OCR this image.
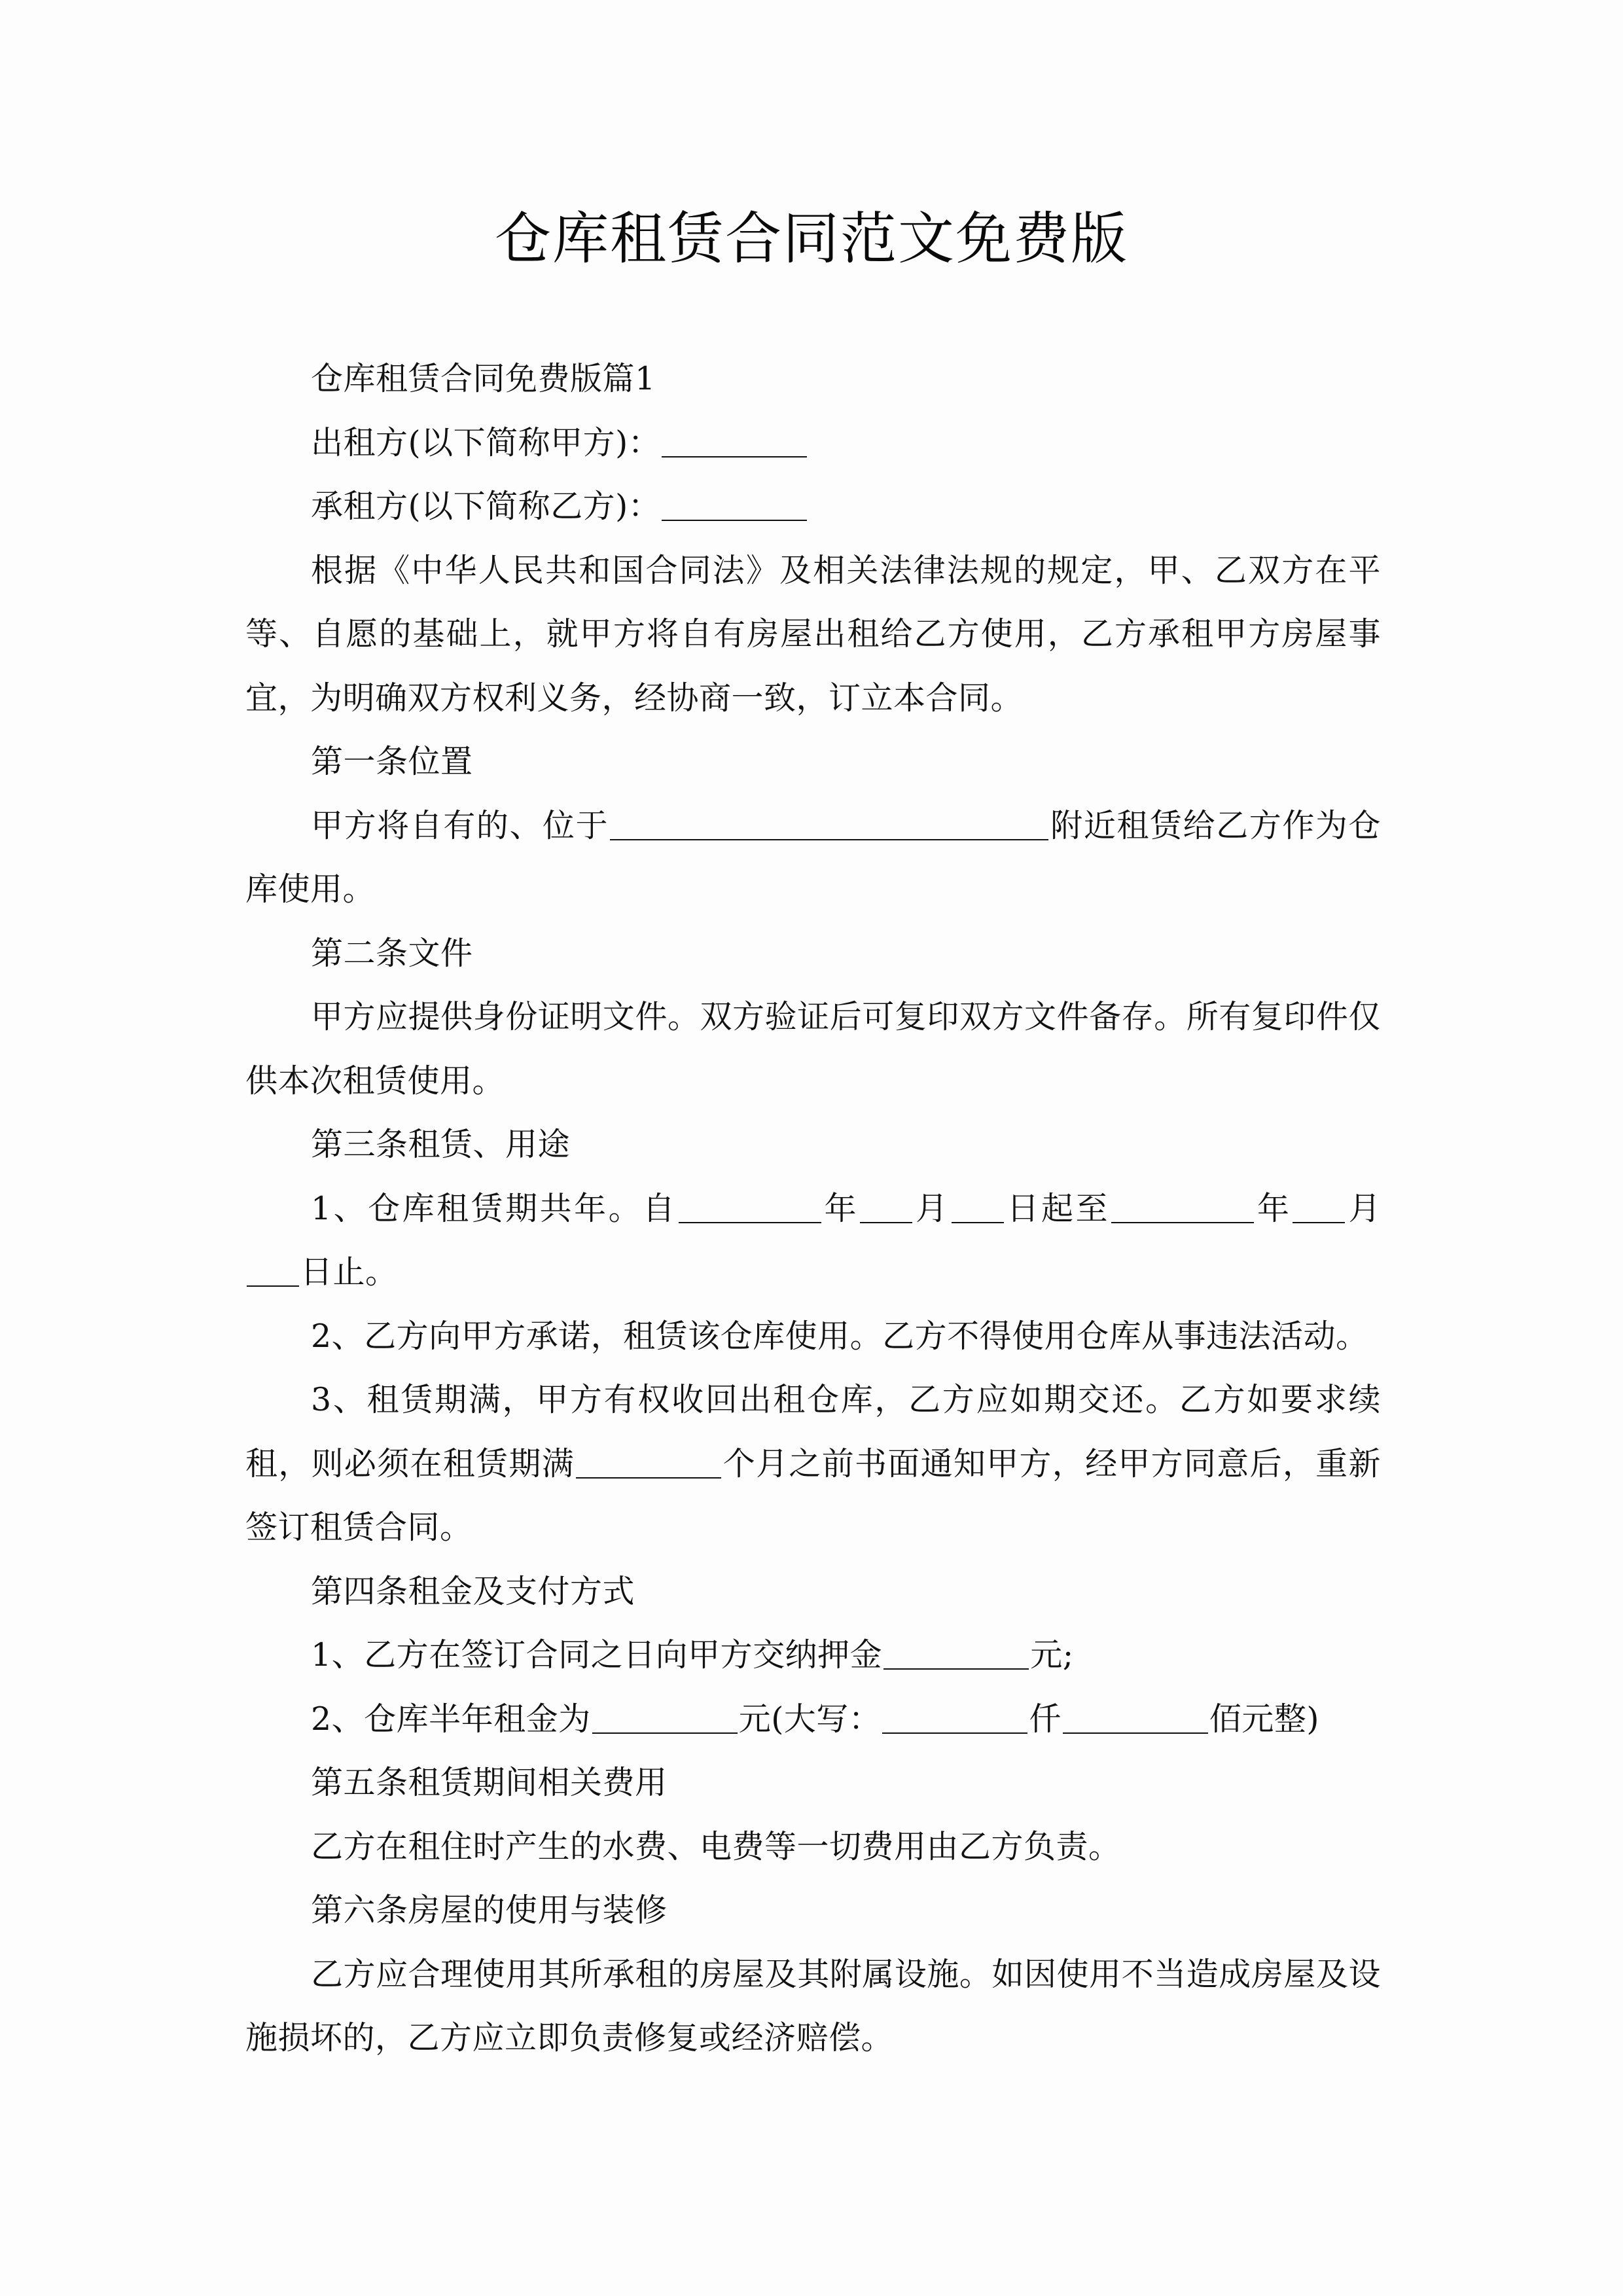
仓库租赁合同范文免费版

仓库租赁合同免费版篇1

出租方(以下简称甲方)：

承租方(以下简称乙方)：

根据《中华人民共和国合同法》及相关法律法规的规定，甲、乙双方在平等、自愿的基础上，就甲方将自有房屋出租给乙方使用，乙方承租甲方房屋事宜，为明确双方权利义务，经协商一致，订立本合同。

第一条位置

甲方将自有的、位于	附近租赁给乙方作为仓库使用。

第二条文件

甲方应提供身份证明文件。双方验证后可复印双方文件备存。所有复印件仅供本次租赁使用。

第三条租赁、用途

1、仓库租赁期共年。自	年 月 日起至	年 月日止。

2、乙方向甲方承诺，租赁该仓库使用。乙方不得使用仓库从事违法活动。

3、租赁期满，甲方有权收回出租仓库，乙方应如期交还。乙方如要求续租，则必须在租赁期满	个月之前书面通知甲方，经甲方同意后，重新签订租赁合同。

第四条租金及支付方式

1、乙方在签订合同之日向甲方交纳押金	元;

2、仓库半年租金为	元(大写：	仟	佰元整)

第五条租赁期间相关费用

乙方在租住时产生的水费、电费等一切费用由乙方负责。

第六条房屋的使用与装修

乙方应合理使用其所承租的房屋及其附属设施。如因使用不当造成房屋及设施损坏的，乙方应立即负责修复或经济赔偿。
